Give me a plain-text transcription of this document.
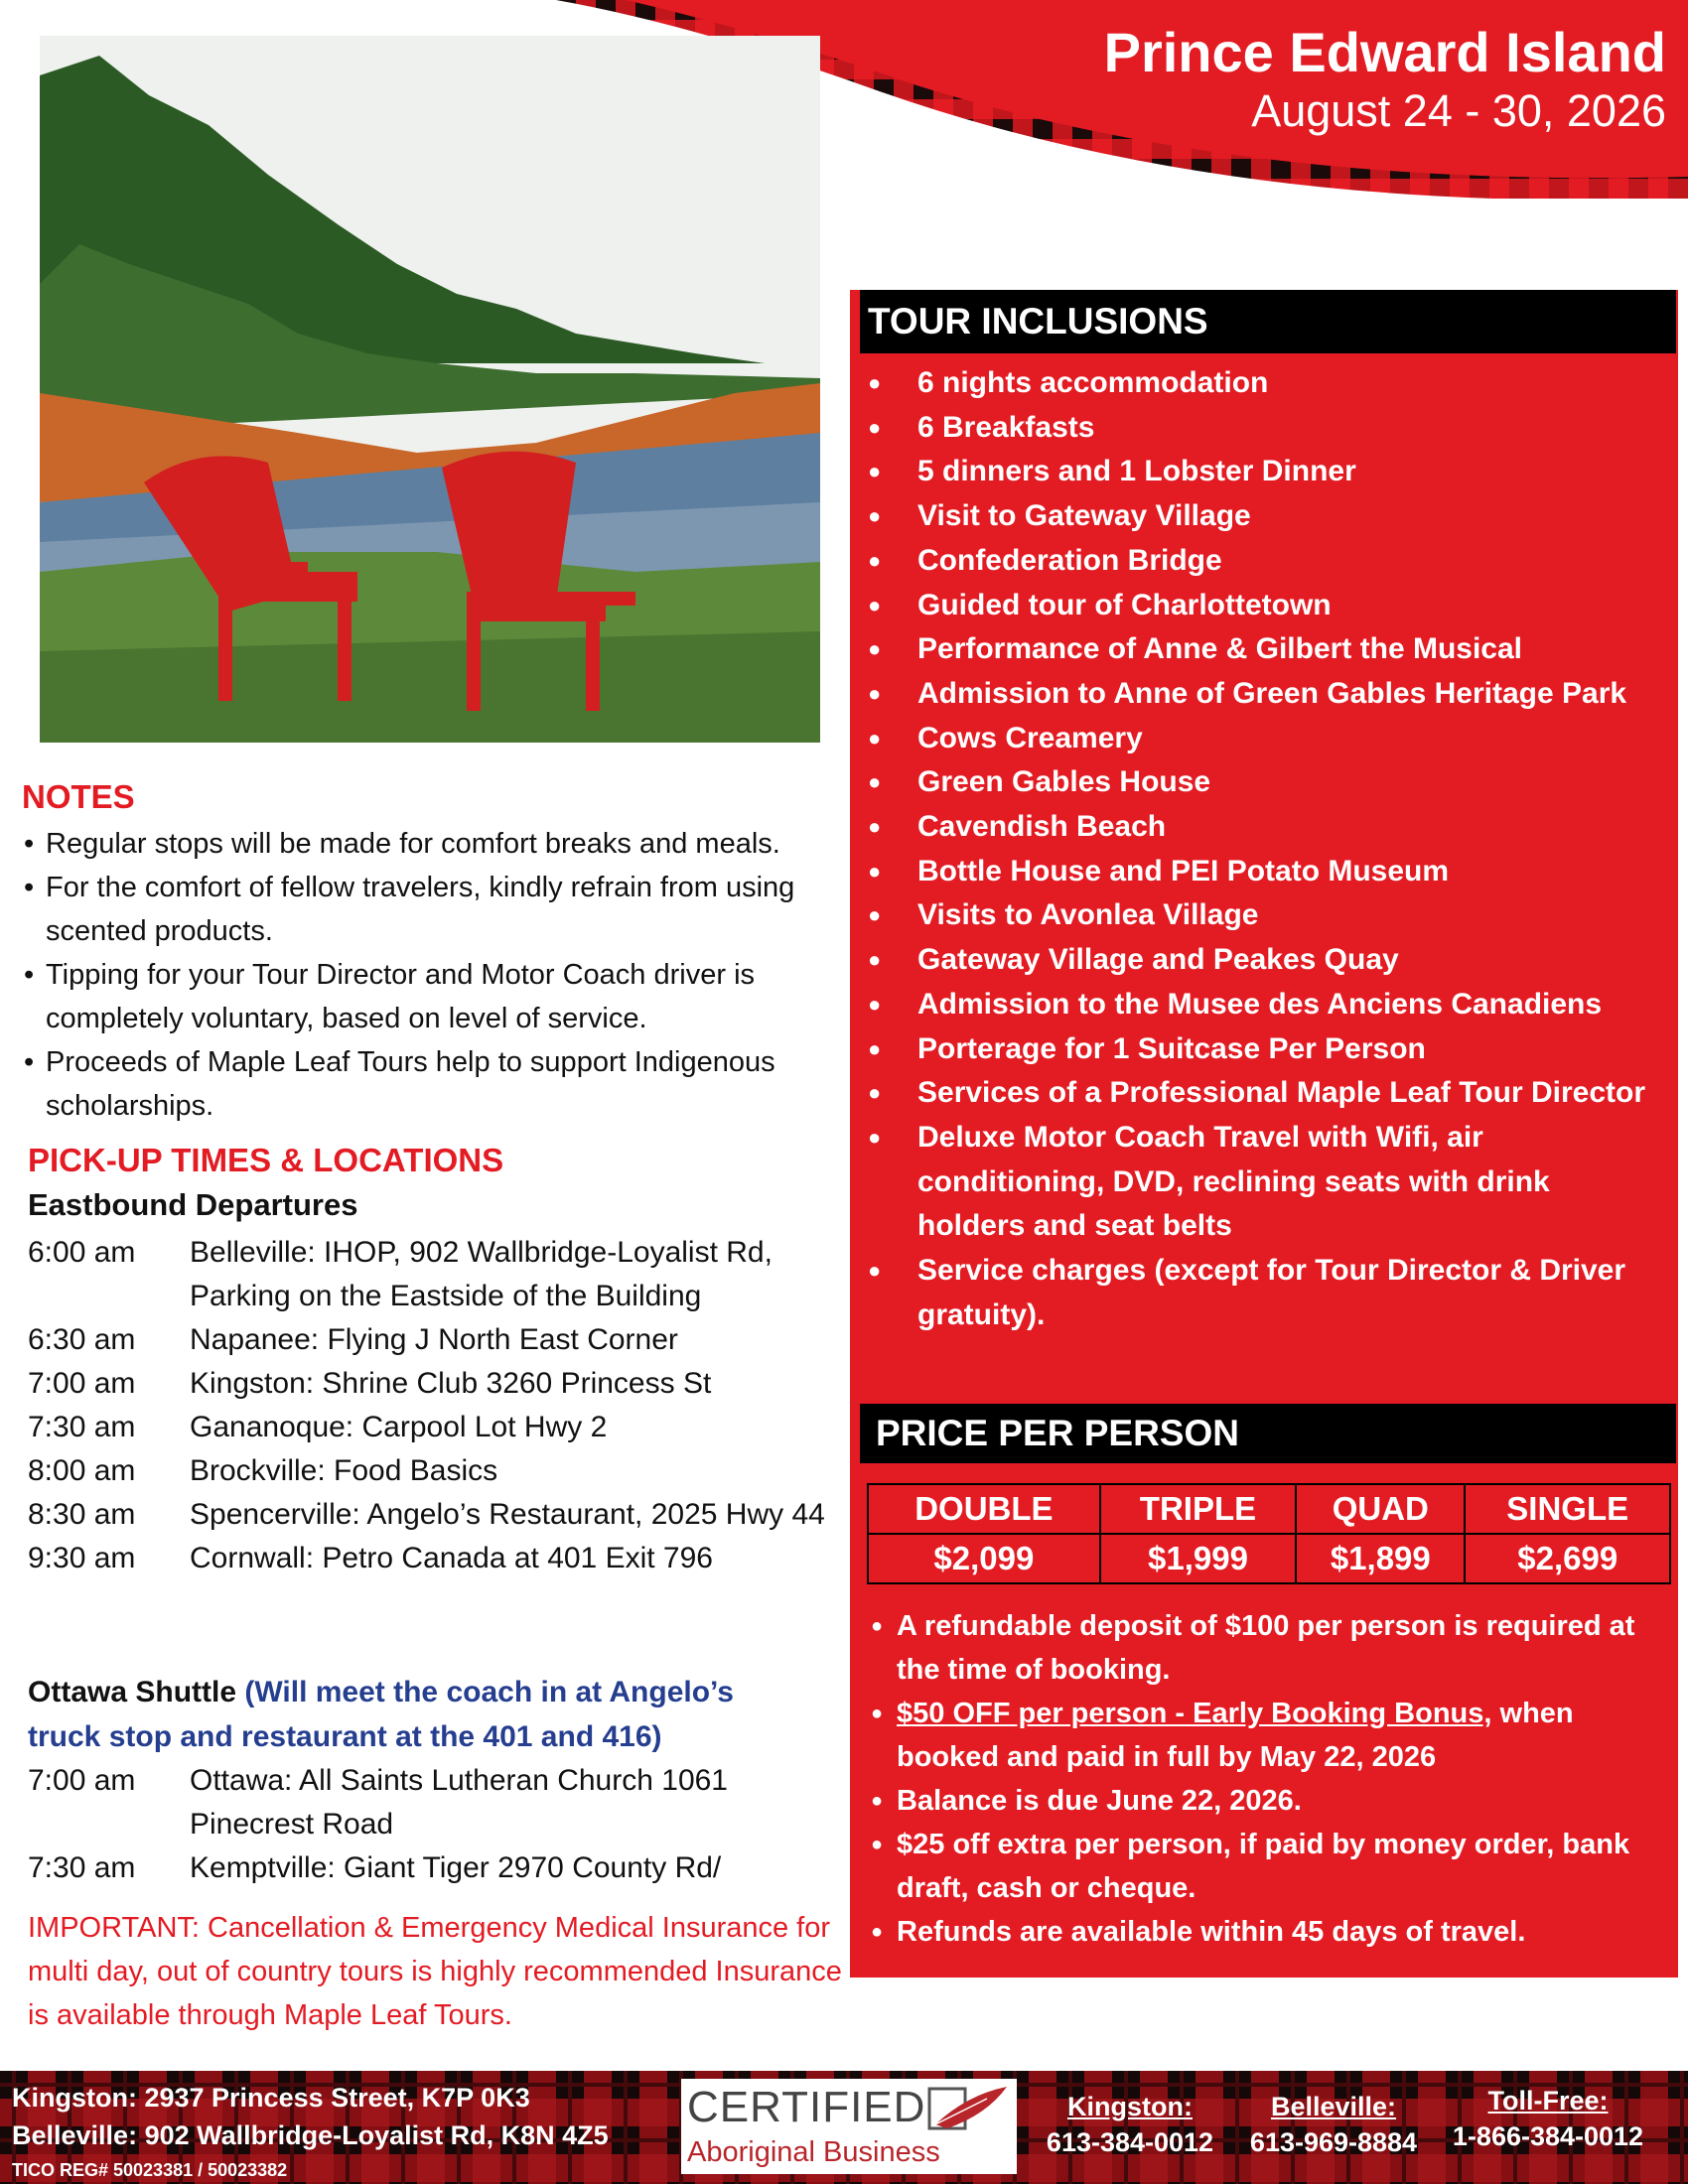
Prince Edward Island
August 24 - 30, 2026
NOTES
• Regular stops will be made for comfort breaks and meals.
• For the comfort of fellow travelers, kindly refrain from using scented products.
• Tipping for your Tour Director and Motor Coach driver is completely voluntary, based on level of service.
• Proceeds of Maple Leaf Tours help to support Indigenous scholarships.
PICK-UP TIMES & LOCATIONS
Eastbound Departures
6:00 am	Belleville: IHOP, 902 Wallbridge-Loyalist Rd, Parking on the Eastside of the Building
6:30 am	Napanee: Flying J North East Corner
7:00 am	Kingston: Shrine Club 3260 Princess St
7:30 am	Gananoque: Carpool Lot Hwy 2
8:00 am	Brockville: Food Basics
8:30 am	Spencerville: Angelo’s Restaurant, 2025 Hwy 44
9:30 am	Cornwall: Petro Canada at 401 Exit 796
Ottawa Shuttle (Will meet the coach in at Angelo’s truck stop and restaurant at the 401 and 416)
7:00 am	Ottawa: All Saints Lutheran Church 1061 Pinecrest Road
7:30 am	Kemptville: Giant Tiger 2970 County Rd/
IMPORTANT: Cancellation & Emergency Medical Insurance for multi day, out of country tours is highly recommended Insurance is available through Maple Leaf Tours.
TOUR INCLUSIONS
● 6 nights accommodation
● 6 Breakfasts
● 5 dinners and 1 Lobster Dinner
● Visit to Gateway Village
● Confederation Bridge
● Guided tour of Charlottetown
● Performance of Anne & Gilbert the Musical
● Admission to Anne of Green Gables Heritage Park
● Cows Creamery
● Green Gables House
● Cavendish Beach
● Bottle House and PEI Potato Museum
● Visits to Avonlea Village
● Gateway Village and Peakes Quay
● Admission to the Musee des Anciens Canadiens
● Porterage for 1 Suitcase Per Person
● Services of a Professional Maple Leaf Tour Director
● Deluxe Motor Coach Travel with Wifi, air conditioning, DVD, reclining seats with drink holders and seat belts
● Service charges (except for Tour Director & Driver gratuity).
PRICE PER PERSON
DOUBLE	TRIPLE	QUAD	SINGLE
$2,099	$1,999	$1,899	$2,699
● A refundable deposit of $100 per person is required at the time of booking.
● $50 OFF per person - Early Booking Bonus, when booked and paid in full by May 22, 2026
● Balance is due June 22, 2026.
● $25 off extra per person, if paid by money order, bank draft, cash or cheque.
● Refunds are available within 45 days of travel.
Kingston: 2937 Princess Street, K7P 0K3
Belleville: 902 Wallbridge-Loyalist Rd, K8N 4Z5
TICO REG# 50023381 / 50023382
CERTIFIED
Aboriginal Business
Kingston:
613-384-0012
Belleville:
613-969-8884
Toll-Free:
1-866-384-0012
